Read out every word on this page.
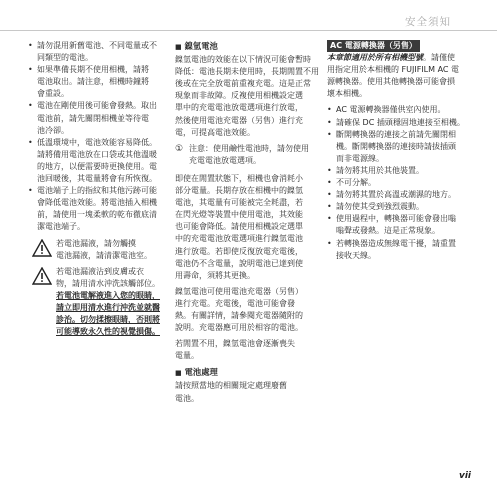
安全須知
• 請勿混用新舊電池、不同電量或不
同類型的電池。
• 如果準備長期不使用相機，請將
電池取出。請注意，相機時鐘將
會重設。
• 電池在剛使用後可能會發熱。取出
電池前，請先關閉相機並等待電
池冷卻。
• 低溫環境中，電池效能容易降低。
請將備用電池放在口袋或其他溫暖
的地方，以便需要時更換使用。電
池回暖後，其電量將會有所恢復。
• 電池端子上的指紋和其他污跡可能
會降低電池效能。將電池插入相機
前，請使用一塊柔軟的乾布徹底清
潔電池端子。
若電池漏液，請勿觸摸
電池漏液，請清潔電池室。
若電池漏液沾到皮膚或衣
物，請用清水沖洗該觸部位。
若電池電解液進入您的眼睛，
請立即用清水進行沖洗並就醫
診治。切勿揉擦眼睛，否則將
可能導致永久性的視覺損傷。
■ 鎳氫電池
鎳氫電池的效能在以下情況可能會暫時
降低：電池長期未使用時，長期閒置不用
後或在完全放電前重複充電。這是正常
現象而非故障。反複使用相機設定選
單中的充電電池放電選項進行放電，
然後使用電池充電器（另售）進行充
電，可提高電池效能。
① 注意：使用鹼性電池時，請勿使用
充電電池放電選項。
即使在閒置狀態下，相機也會消耗小
部分電量。長期存放在相機中的鎳氫
電池，其電量有可能被完全耗盡，若
在閃光燈等裝置中使用電池，其效能
也可能會降低。請使用相機設定選單
中的充電電池放電選項進行鎳氫電池
進行放電。若即使反復放電充電後，
電池仍不含電量，說明電池已達到使
用壽命，須將其更換。
鎳氫電池可使用電池充電器（另售）
進行充電。充電後，電池可能會發
熱。有關詳情，請參閱充電器隨附的
說明。充電器應可用於相容的電池。
若閒置不用，鎳氫電池會逐漸喪失
電量。
■ 電池處理
請按照當地的相關規定處理廢舊
電池。
AC 電源轉換器（另售）
本章節適用於所有相機型號。請僅使
用指定用於本相機的 FUJIFILM AC 電
源轉換器。使用其他轉換器可能會損
壞本相機。
• AC 電源轉換器僅供室內使用。
• 請確保 DC 插頭穩固地連接至相機。
• 斷開轉換器的連接之前請先關閉相
機。斷開轉換器的連接時請拔插頭
而非電源線。
• 請勿將其用於其他裝置。
• 不可分解。
• 請勿將其置於高溫或潮濕的地方。
• 請勿使其受到強烈震動。
• 使用過程中，轉換器可能會發出嗡
嗡聲或發熱。這是正常現象。
• 若轉換器造成無線電干擾，請重置
接收天線。
vii
